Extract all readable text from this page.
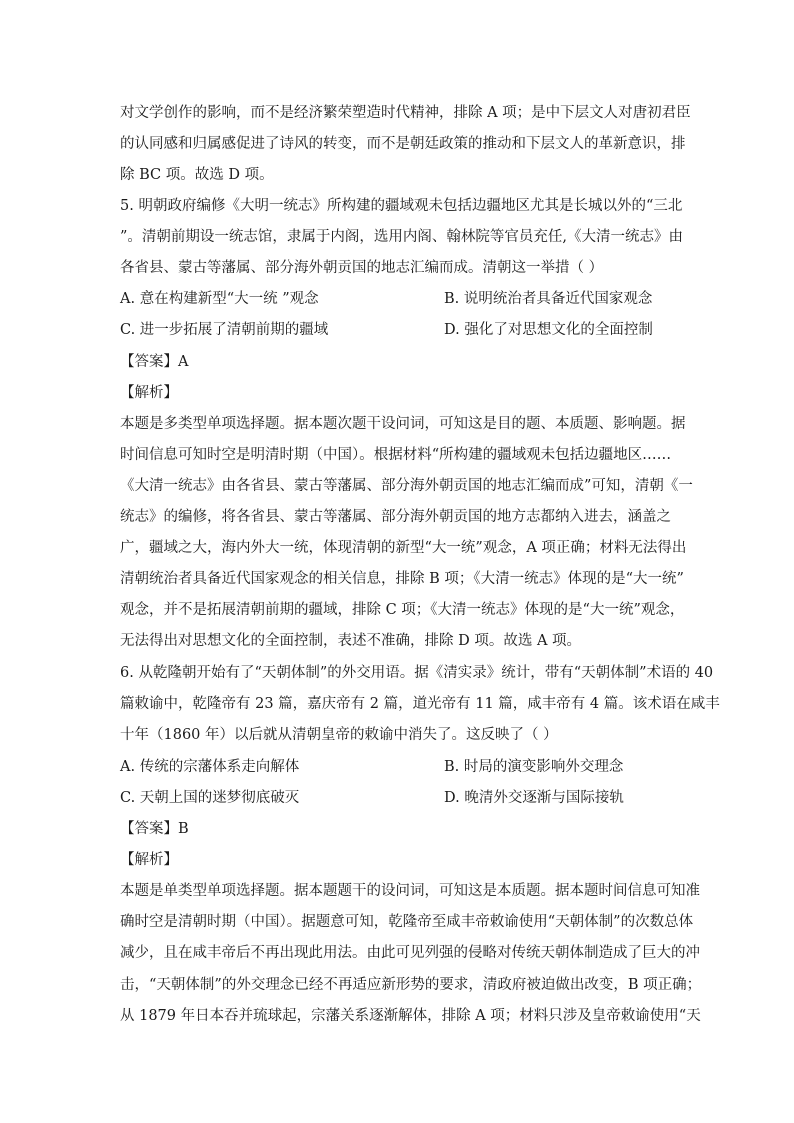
对文学创作的影响，而不是经济繁荣塑造时代精神，排除 A 项；是中下层文人对唐初君臣
的认同感和归属感促进了诗风的转变，而不是朝廷政策的推动和下层文人的革新意识，排
除 BC 项。故选 D 项。
5. 明朝政府编修《大明一统志》所构建的疆域观未包括边疆地区尤其是长城以外的“三北
”。清朝前期设一统志馆，隶属于内阁，选用内阁、翰林院等官员充任,《大清一统志》由
各省县、蒙古等藩属、部分海外朝贡国的地志汇编而成。清朝这一举措（ ）
A. 意在构建新型“大一统 ”观念	B. 说明统治者具备近代国家观念
C. 进一步拓展了清朝前期的疆域	D. 强化了对思想文化的全面控制
【答案】A
【解析】
本题是多类型单项选择题。据本题次题干设问词，可知这是目的题、本质题、影响题。据
时间信息可知时空是明清时期（中国）。根据材料“所构建的疆域观未包括边疆地区……
《大清一统志》由各省县、蒙古等藩属、部分海外朝贡国的地志汇编而成”可知，清朝《一
统志》的编修，将各省县、蒙古等藩属、部分海外朝贡国的地方志都纳入进去，涵盖之
广，疆域之大，海内外大一统，体现清朝的新型“大一统”观念，A 项正确；材料无法得出
清朝统治者具备近代国家观念的相关信息，排除 B 项；《大清一统志》体现的是“大一统”
观念，并不是拓展清朝前期的疆域，排除 C 项；《大清一统志》体现的是“大一统”观念，
无法得出对思想文化的全面控制，表述不准确，排除 D 项。故选 A 项。
6. 从乾隆朝开始有了“天朝体制”的外交用语。据《清实录》统计，带有“天朝体制”术语的 40
篇敕谕中，乾隆帝有 23 篇，嘉庆帝有 2 篇，道光帝有 11 篇，咸丰帝有 4 篇。该术语在咸丰
十年（1860 年）以后就从清朝皇帝的敕谕中消失了。这反映了（ ）
A. 传统的宗藩体系走向解体	B. 时局的演变影响外交理念
C. 天朝上国的迷梦彻底破灭	D. 晚清外交逐渐与国际接轨
【答案】B
【解析】
本题是单类型单项选择题。据本题题干的设问词，可知这是本质题。据本题时间信息可知准
确时空是清朝时期（中国）。据题意可知，乾隆帝至咸丰帝敕谕使用“天朝体制”的次数总体
减少，且在咸丰帝后不再出现此用法。由此可见列强的侵略对传统天朝体制造成了巨大的冲
击，“天朝体制”的外交理念已经不再适应新形势的要求，清政府被迫做出改变，B 项正确；
从 1879 年日本吞并琉球起，宗藩关系逐渐解体，排除 A 项；材料只涉及皇帝敕谕使用“天
